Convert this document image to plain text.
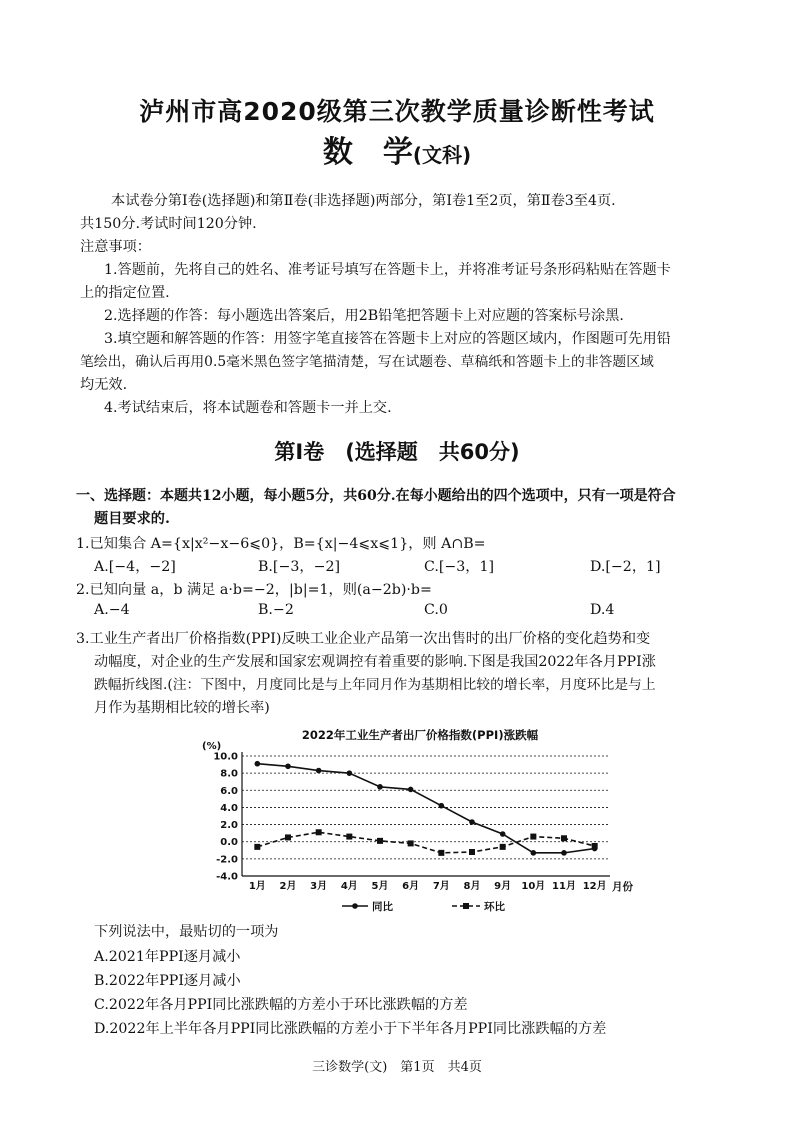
泸州市高2020级第三次教学质量诊断性考试
数　学(文科)
本试卷分第Ⅰ卷(选择题)和第Ⅱ卷(非选择题)两部分，第Ⅰ卷1至2页，第Ⅱ卷3至4页.
共150分.考试时间120分钟.
注意事项：
1.答题前，先将自己的姓名、准考证号填写在答题卡上，并将准考证号条形码粘贴在答题卡
上的指定位置.
2.选择题的作答：每小题选出答案后，用2B铅笔把答题卡上对应题的答案标号涂黑.
3.填空题和解答题的作答：用签字笔直接答在答题卡上对应的答题区域内，作图题可先用铅
笔绘出，确认后再用0.5毫米黑色签字笔描清楚，写在试题卷、草稿纸和答题卡上的非答题区域
均无效.
4.考试结束后，将本试题卷和答题卡一并上交.
第Ⅰ卷　(选择题　共60分)
一、选择题：本题共12小题，每小题5分，共60分.在每小题给出的四个选项中，只有一项是符合
题目要求的.
1.已知集合 A={x|x²−x−6⩽0}，B={x|−4⩽x⩽1}，则 A∩B=
A.[−4，−2]	B.[−3，−2]	C.[−3，1]	D.[−2，1]
2.已知向量 a，b 满足 a·b=−2，|b|=1，则(a−2b)·b=
A.−4	B.−2	C.0	D.4
3.工业生产者出厂价格指数(PPI)反映工业企业产品第一次出售时的出厂价格的变化趋势和变
动幅度，对企业的生产发展和国家宏观调控有着重要的影响.下图是我国2022年各月PPI涨
跌幅折线图.(注：下图中，月度同比是与上年同月作为基期相比较的增长率，月度环比是与上
月作为基期相比较的增长率)
2022年工业生产者出厂价格指数(PPI)涨跌幅
(%)
月份
10.0
8.0
6.0
4.0
2.0
0.0
-2.0
-4.0
1月 2月 3月 4月 5月 6月 7月 8月 9月 10月 11月 12月
同比	环比
下列说法中，最贴切的一项为
A.2021年PPI逐月减小
B.2022年PPI逐月减小
C.2022年各月PPI同比涨跌幅的方差小于环比涨跌幅的方差
D.2022年上半年各月PPI同比涨跌幅的方差小于下半年各月PPI同比涨跌幅的方差
三诊数学(文)　第1页　共4页
